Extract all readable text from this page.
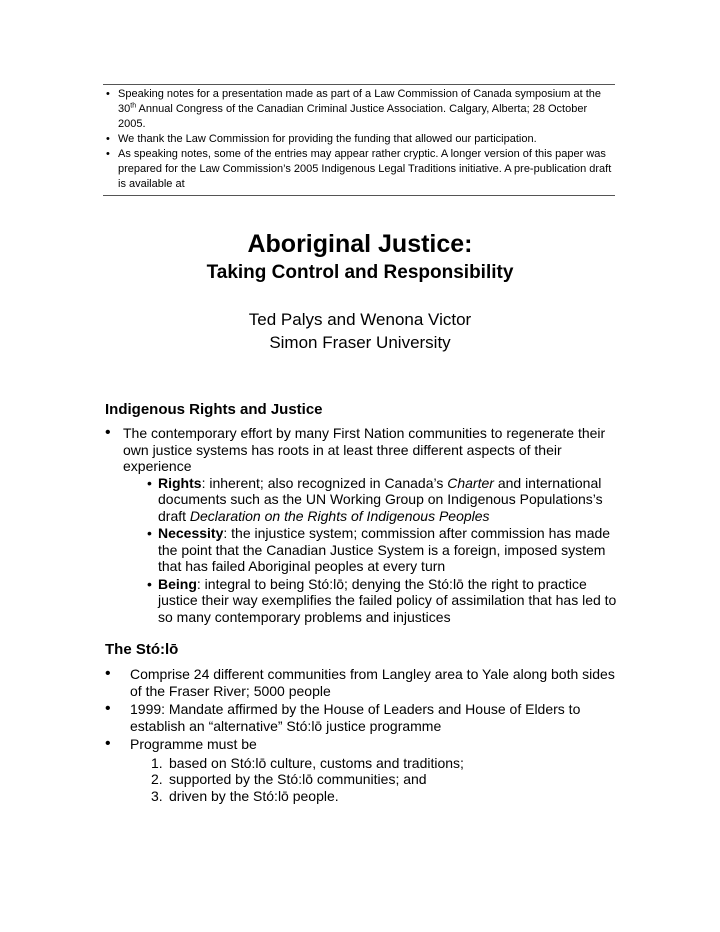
• Speaking notes for a presentation made as part of a Law Commission of Canada symposium at the 30th Annual Congress of the Canadian Criminal Justice Association. Calgary, Alberta; 28 October 2005.
• We thank the Law Commission for providing the funding that allowed our participation.
• As speaking notes, some of the entries may appear rather cryptic. A longer version of this paper was prepared for the Law Commission’s 2005 Indigenous Legal Traditions initiative. A pre-publication draft is available at
Aboriginal Justice:
Taking Control and Responsibility
Ted Palys and Wenona Victor
Simon Fraser University
Indigenous Rights and Justice
• The contemporary effort by many First Nation communities to regenerate their own justice systems has roots in at least three different aspects of their experience
• Rights: inherent; also recognized in Canada’s Charter and international documents such as the UN Working Group on Indigenous Populations’s draft Declaration on the Rights of Indigenous Peoples
• Necessity: the injustice system; commission after commission has made the point that the Canadian Justice System is a foreign, imposed system that has failed Aboriginal peoples at every turn
• Being: integral to being Stó:lō; denying the Stó:lō the right to practice justice their way exemplifies the failed policy of assimilation that has led to so many contemporary problems and injustices
The Stó:lō
• Comprise 24 different communities from Langley area to Yale along both sides of the Fraser River; 5000 people
• 1999: Mandate affirmed by the House of Leaders and House of Elders to establish an “alternative” Stó:lō justice programme
• Programme must be
1. based on Stó:lō culture, customs and traditions;
2. supported by the Stó:lō communities; and
3. driven by the Stó:lō people.
